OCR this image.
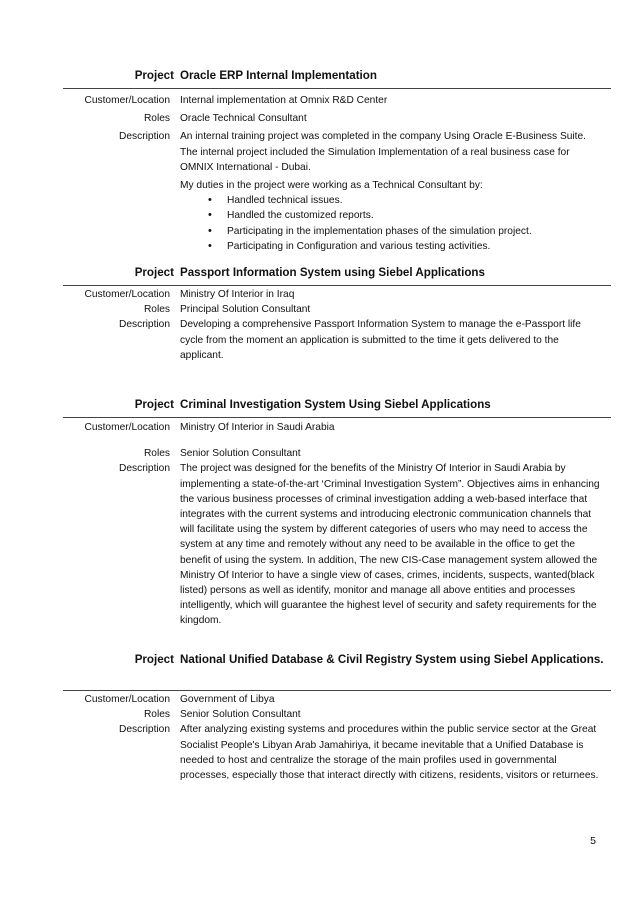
Project Oracle ERP Internal Implementation
Customer/Location Internal implementation at Omnix R&D Center
Roles Oracle Technical Consultant
Description An internal training project was completed in the company Using Oracle E-Business Suite. The internal project included the Simulation Implementation of a real business case for OMNIX International - Dubai.
My duties in the project were working as a Technical Consultant by:
• Handled technical issues.
• Handled the customized reports.
• Participating in the implementation phases of the simulation project.
• Participating in Configuration and various testing activities.
Project Passport Information System using Siebel Applications
Customer/Location Ministry Of Interior in Iraq
Roles Principal Solution Consultant
Description Developing a comprehensive Passport Information System to manage the e-Passport life cycle from the moment an application is submitted to the time it gets delivered to the applicant.
Project Criminal Investigation System Using Siebel Applications
Customer/Location Ministry Of Interior in Saudi Arabia
Roles Senior Solution Consultant
Description The project was designed for the benefits of the Ministry Of Interior in Saudi Arabia by implementing a state-of-the-art ‘Criminal Investigation System”. Objectives aims in enhancing the various business processes of criminal investigation adding a web-based interface that integrates with the current systems and introducing electronic communication channels that will facilitate using the system by different categories of users who may need to access the system at any time and remotely without any need to be available in the office to get the benefit of using the system. In addition, The new CIS-Case management system allowed the Ministry Of Interior to have a single view of cases, crimes, incidents, suspects, wanted(black listed) persons as well as identify, monitor and manage all above entities and processes intelligently, which will guarantee the highest level of security and safety requirements for the kingdom.
Project National Unified Database & Civil Registry System using Siebel Applications.
Customer/Location Government of Libya
Roles Senior Solution Consultant
Description After analyzing existing systems and procedures within the public service sector at the Great Socialist People's Libyan Arab Jamahiriya, it became inevitable that a Unified Database is needed to host and centralize the storage of the main profiles used in governmental processes, especially those that interact directly with citizens, residents, visitors or returnees.
5
